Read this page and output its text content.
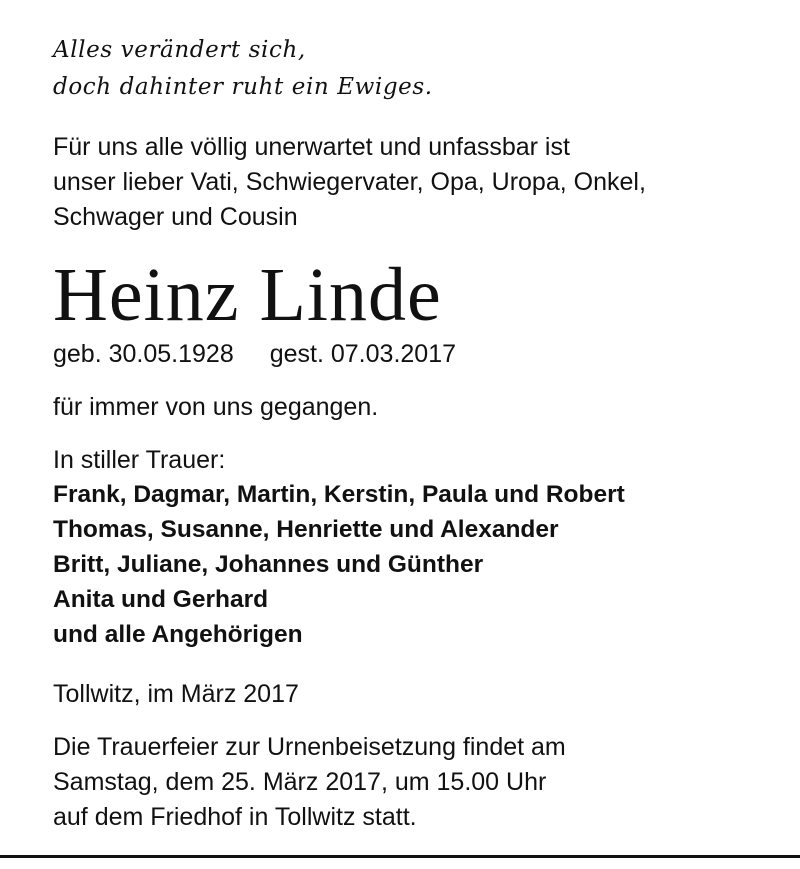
Alles verändert sich,
doch dahinter ruht ein Ewiges.
Für uns alle völlig unerwartet und unfassbar ist
unser lieber Vati, Schwiegervater, Opa, Uropa, Onkel,
Schwager und Cousin
Heinz Linde
geb. 30.05.1928 gest. 07.03.2017
für immer von uns gegangen.
In stiller Trauer:
Frank, Dagmar, Martin, Kerstin, Paula und Robert
Thomas, Susanne, Henriette und Alexander
Britt, Juliane, Johannes und Günther
Anita und Gerhard
und alle Angehörigen
Tollwitz, im März 2017
Die Trauerfeier zur Urnenbeisetzung findet am
Samstag, dem 25. März 2017, um 15.00 Uhr
auf dem Friedhof in Tollwitz statt.
